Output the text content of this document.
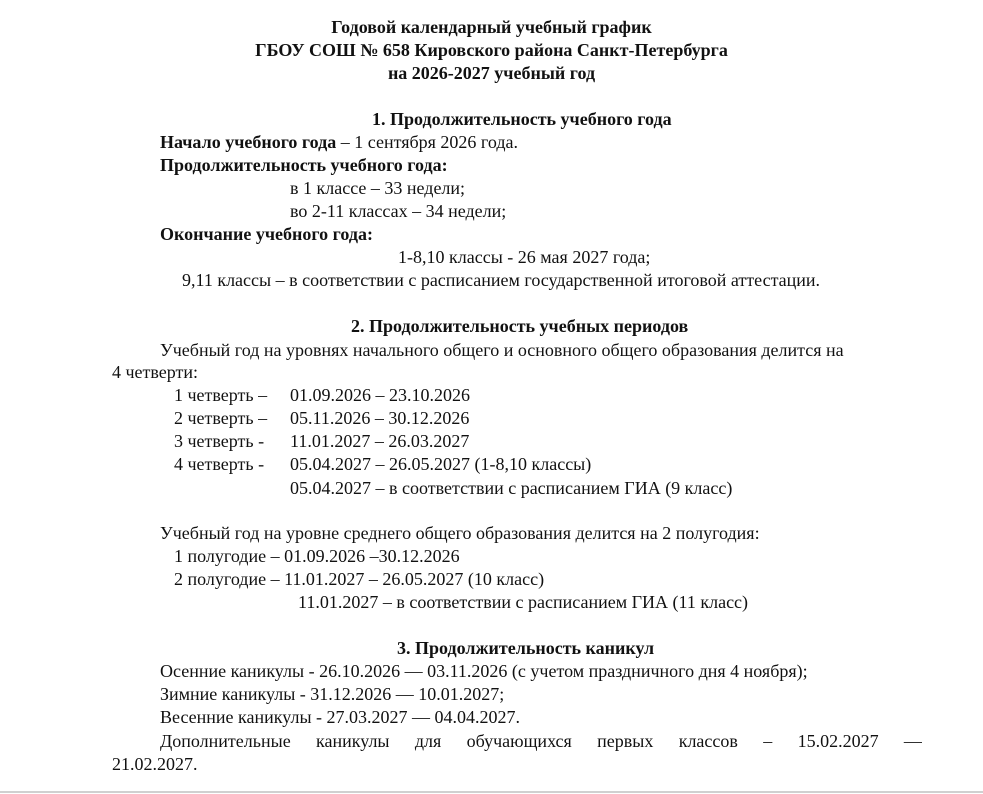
Годовой календарный учебный график
ГБОУ СОШ № 658 Кировского района Санкт-Петербурга
на 2026-2027 учебный год
1. Продолжительность учебного года
Начало учебного года – 1 сентября 2026 года.
Продолжительность учебного года:
в 1 классе – 33 недели;
во 2-11 классах – 34 недели;
Окончание учебного года:
1-8,10 классы - 26 мая 2027 года;
9,11 классы – в соответствии с расписанием государственной итоговой аттестации.
2. Продолжительность учебных периодов
Учебный год на уровнях начального общего и основного общего образования делится на
4 четверти:
1 четверть – 01.09.2026 – 23.10.2026
2 четверть – 05.11.2026 – 30.12.2026
3 четверть - 11.01.2027 – 26.03.2027
4 четверть - 05.04.2027 – 26.05.2027 (1-8,10 классы)
05.04.2027 – в соответствии с расписанием ГИА (9 класс)
Учебный год на уровне среднего общего образования делится на 2 полугодия:
1 полугодие – 01.09.2026 –30.12.2026
2 полугодие – 11.01.2027 – 26.05.2027 (10 класс)
11.01.2027 – в соответствии с расписанием ГИА (11 класс)
3. Продолжительность каникул
Осенние каникулы - 26.10.2026 — 03.11.2026 (с учетом праздничного дня 4 ноября);
Зимние каникулы - 31.12.2026 — 10.01.2027;
Весенние каникулы - 27.03.2027 — 04.04.2027.
Дополнительные каникулы для обучающихся первых классов – 15.02.2027 —
21.02.2027.
